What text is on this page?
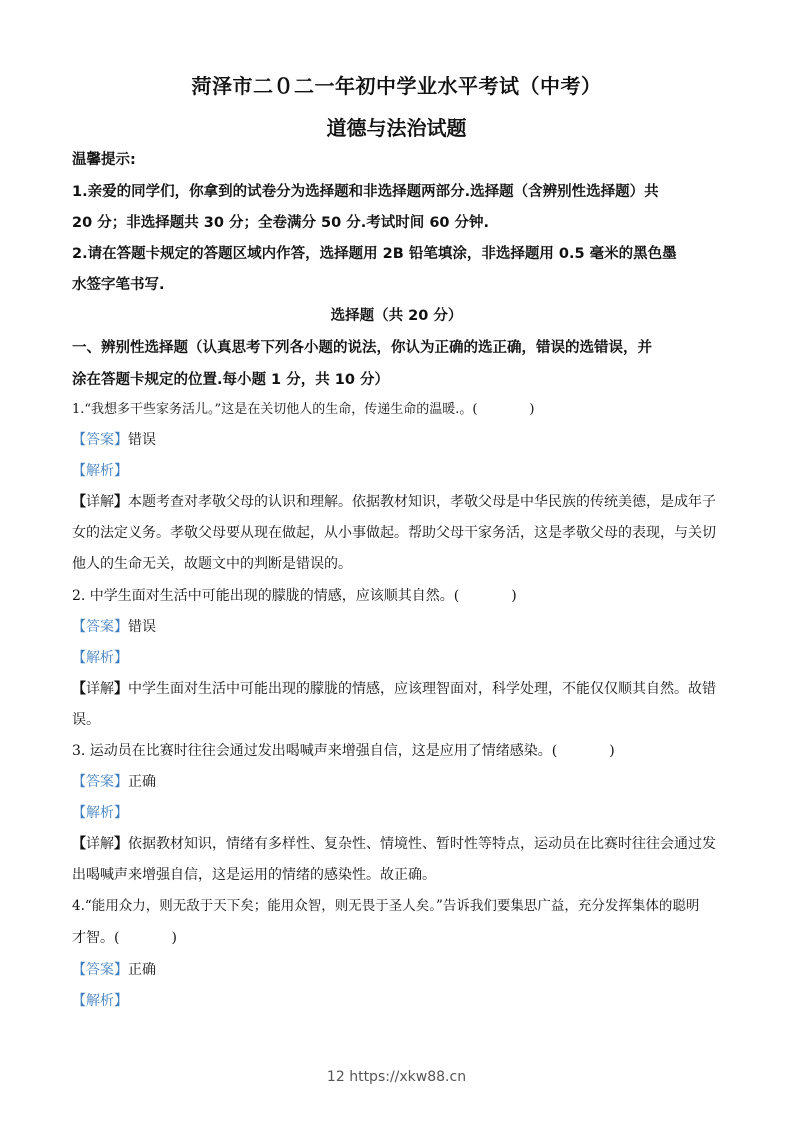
菏泽市二０二一年初中学业水平考试（中考）
道德与法治试题
温馨提示:
1.亲爱的同学们，你拿到的试卷分为选择题和非选择题两部分.选择题（含辨别性选择题）共
20 分；非选择题共 30 分；全卷满分 50 分.考试时间 60 分钟.
2.请在答题卡规定的答题区域内作答，选择题用 2B 铅笔填涂，非选择题用 0.5 毫米的黑色墨
水签字笔书写.
选择题（共 20 分）
一、辨别性选择题（认真思考下列各小题的说法，你认为正确的选正确，错误的选错误，并
涂在答题卡规定的位置.每小题 1 分，共 10 分）
1.“我想多干些家务活儿。”这是在关切他人的生命，传递生命的温暖.。(	)
【答案】错误
【解析】
【详解】本题考查对孝敬父母的认识和理解。依据教材知识，孝敬父母是中华民族的传统美德，是成年子
女的法定义务。孝敬父母要从现在做起，从小事做起。帮助父母干家务活，这是孝敬父母的表现，与关切
他人的生命无关，故题文中的判断是错误的。
2. 中学生面对生活中可能出现的朦胧的情感，应该顺其自然。(	)
【答案】错误
【解析】
【详解】中学生面对生活中可能出现的朦胧的情感，应该理智面对，科学处理，不能仅仅顺其自然。故错
误。
3. 运动员在比赛时往往会通过发出喝喊声来增强自信，这是应用了情绪感染。(	)
【答案】正确
【解析】
【详解】依据教材知识，情绪有多样性、复杂性、情境性、暂时性等特点，运动员在比赛时往往会通过发
出喝喊声来增强自信，这是运用的情绪的感染性。故正确。
4.“能用众力，则无敌于天下矣；能用众智，则无畏于圣人矣。”告诉我们要集思广益，充分发挥集体的聪明
才智。(	)
【答案】正确
【解析】
12 https://xkw88.cn
